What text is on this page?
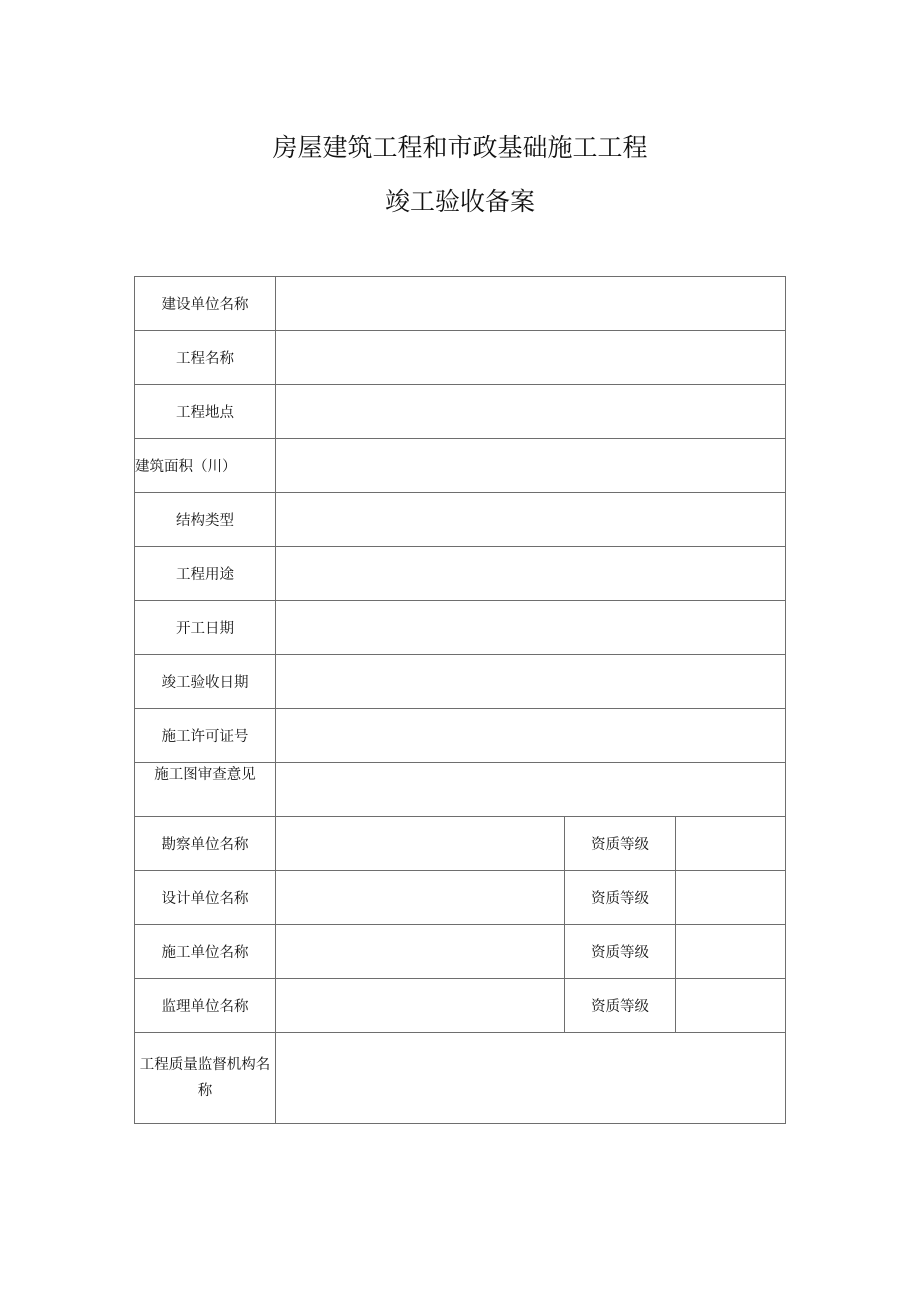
房屋建筑工程和市政基础施工工程
竣工验收备案
建设单位名称			
工程名称			
工程地点			
建筑面积（川）			
结构类型			
工程用途			
开工日期			
竣工验收日期			
施工许可证号			
施工图审查意见			
勘察单位名称		资质等级	
设计单位名称		资质等级	
施工单位名称		资质等级	
监理单位名称		资质等级	
工程质量监督机构名称			
